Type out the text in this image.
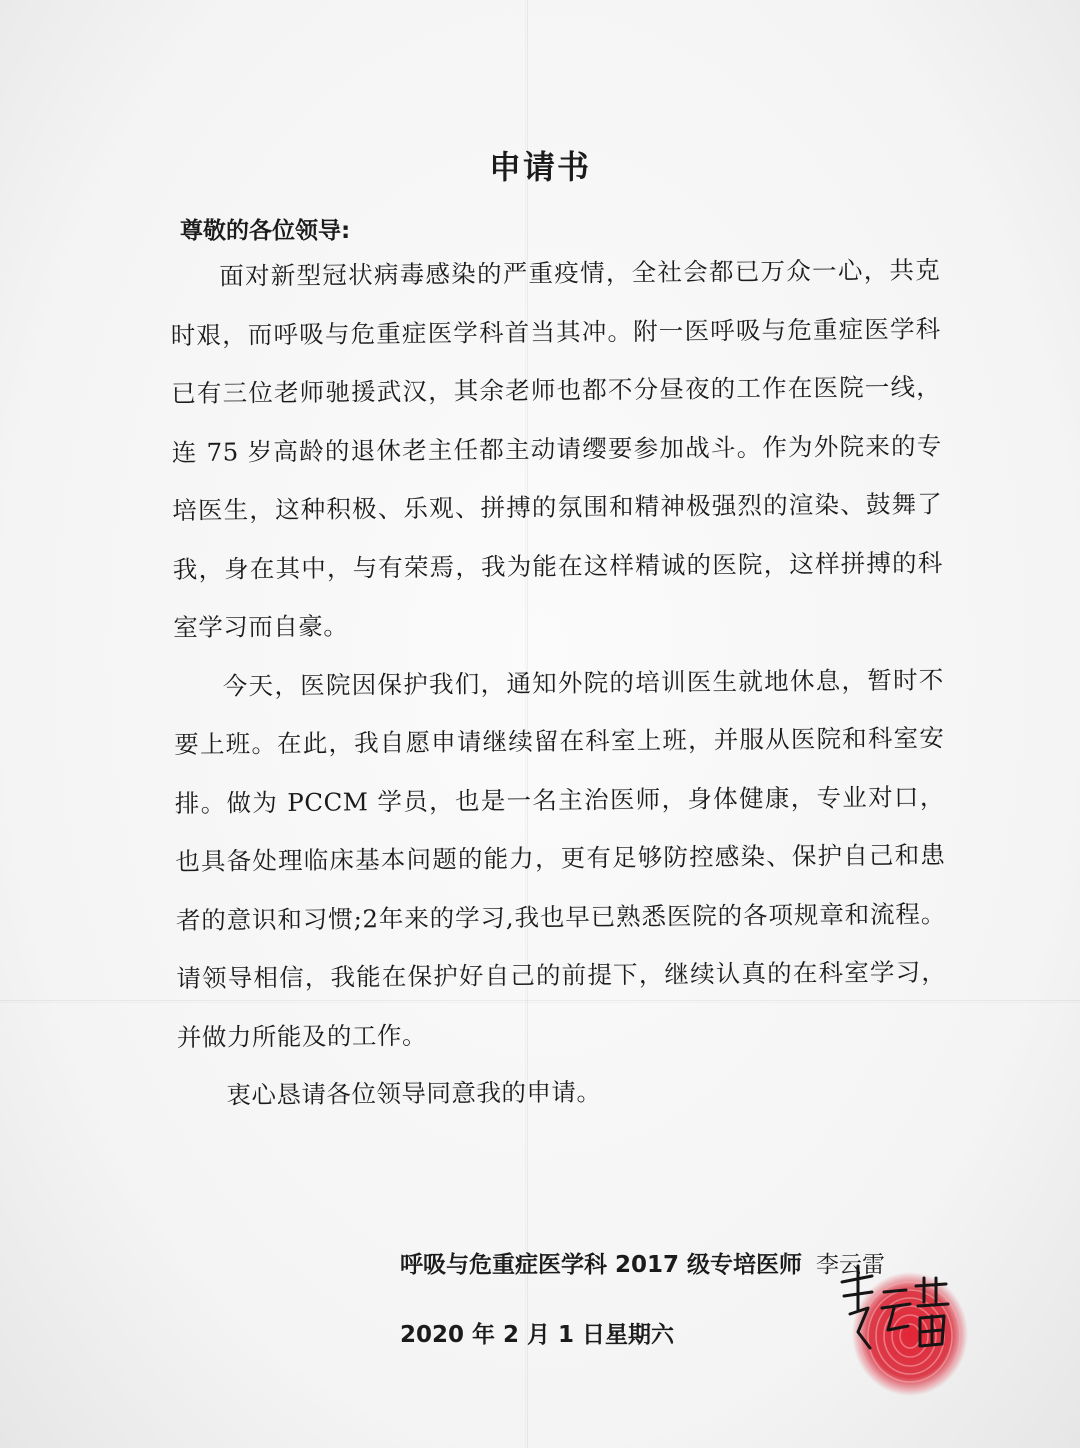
申请书
尊敬的各位领导:

面对新型冠状病毒感染的严重疫情，全社会都已万众一心，共克时艰，而呼吸与危重症医学科首当其冲。附一医呼吸与危重症医学科已有三位老师驰援武汉，其余老师也都不分昼夜的工作在医院一线，连 75 岁高龄的退休老主任都主动请缨要参加战斗。作为外院来的专培医生，这种积极、乐观、拼搏的氛围和精神极强烈的渲染、鼓舞了我，身在其中，与有荣焉，我为能在这样精诚的医院，这样拼搏的科室学习而自豪。

今天，医院因保护我们，通知外院的培训医生就地休息，暂时不要上班。在此，我自愿申请继续留在科室上班，并服从医院和科室安排。做为 PCCM 学员，也是一名主治医师，身体健康，专业对口，也具备处理临床基本问题的能力，更有足够防控感染、保护自己和患者的意识和习惯;2年来的学习,我也早已熟悉医院的各项规章和流程。请领导相信，我能在保护好自己的前提下，继续认真的在科室学习，并做力所能及的工作。

衷心恳请各位领导同意我的申请。

呼吸与危重症医学科 2017 级专培医师 李云雷
2020 年 2 月 1 日星期六
